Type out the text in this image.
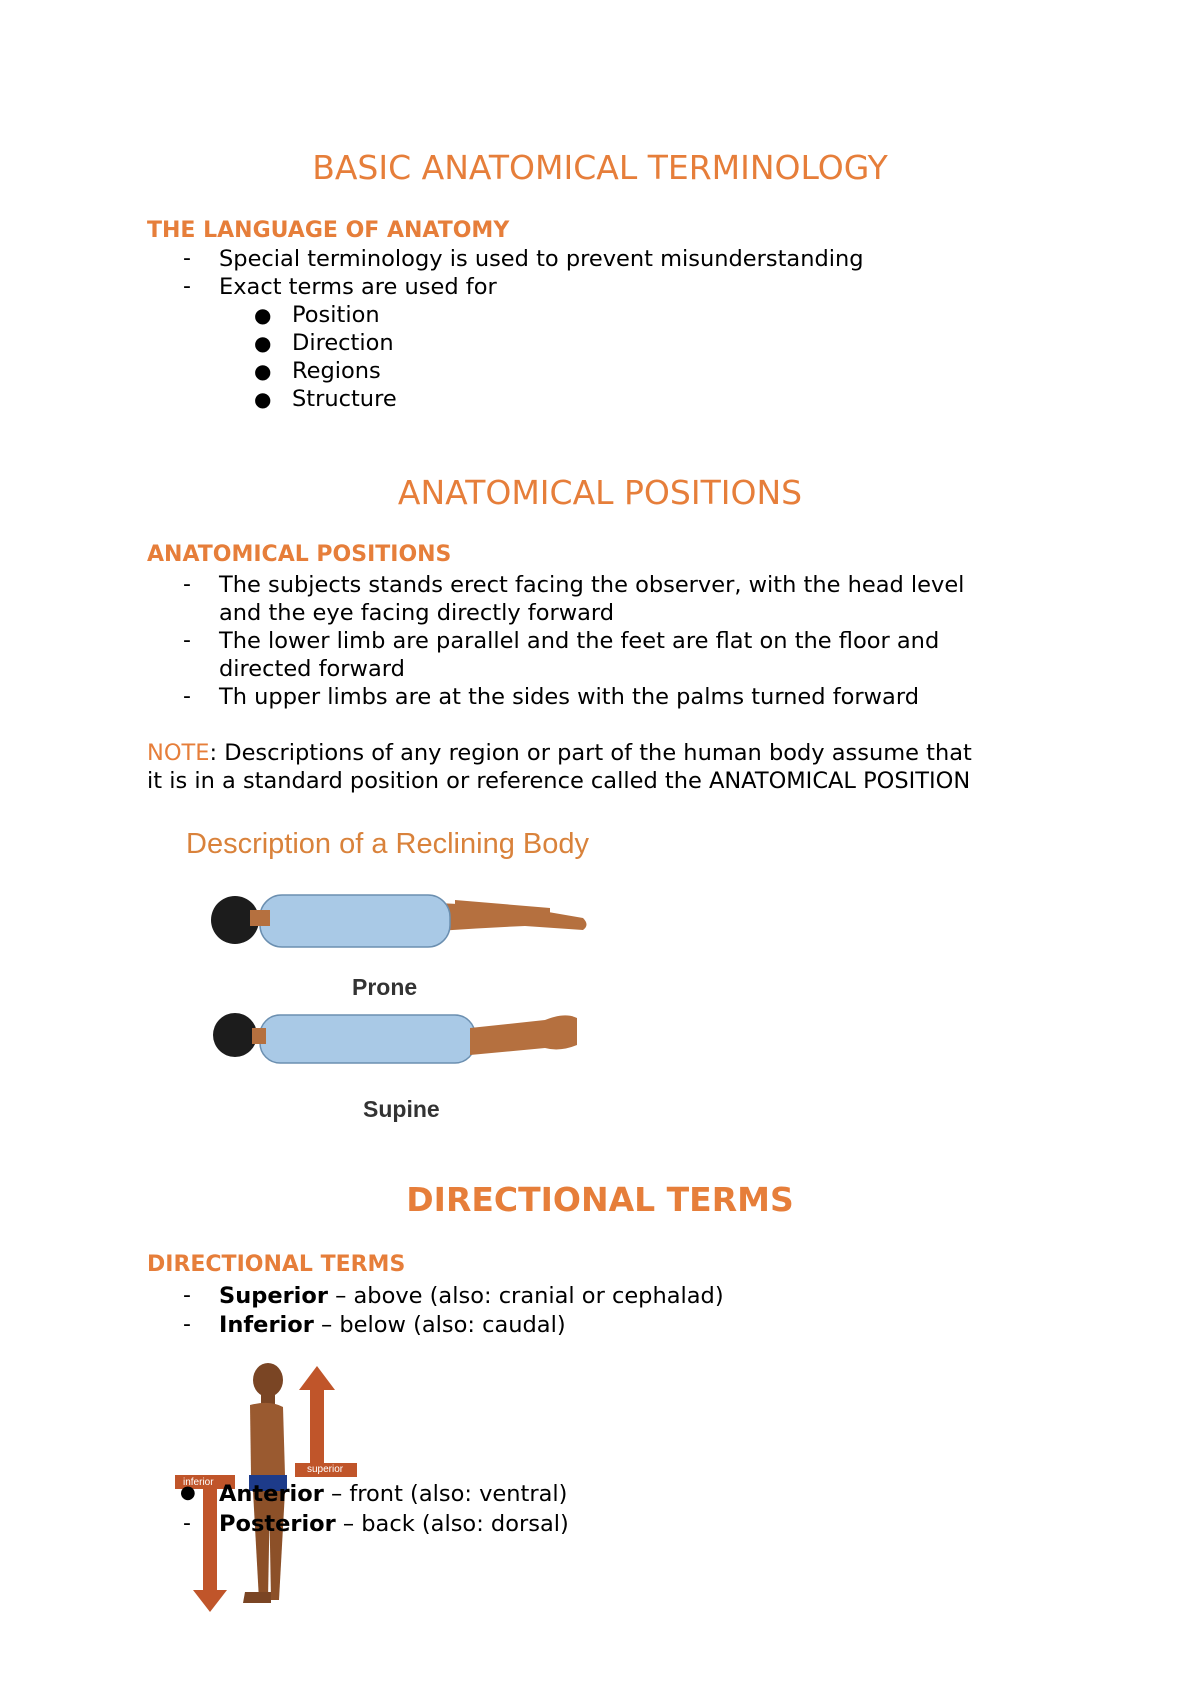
BASIC ANATOMICAL TERMINOLOGY
THE LANGUAGE OF ANATOMY
- Special terminology is used to prevent misunderstanding
- Exact terms are used for
● Position
● Direction
● Regions
● Structure
ANATOMICAL POSITIONS
ANATOMICAL POSITIONS
- The subjects stands erect facing the observer, with the head level
and the eye facing directly forward
- The lower limb are parallel and the feet are flat on the floor and
directed forward
- Th upper limbs are at the sides with the palms turned forward
NOTE: Descriptions of any region or part of the human body assume that
it is in a standard position or reference called the ANATOMICAL POSITION
Description of a Reclining Body
Prone
Supine
DIRECTIONAL TERMS
DIRECTIONAL TERMS
- Superior – above (also: cranial or cephalad)
- Inferior – below (also: caudal)
superior
inferior
● Anterior – front (also: ventral)
- Posterior – back (also: dorsal)
